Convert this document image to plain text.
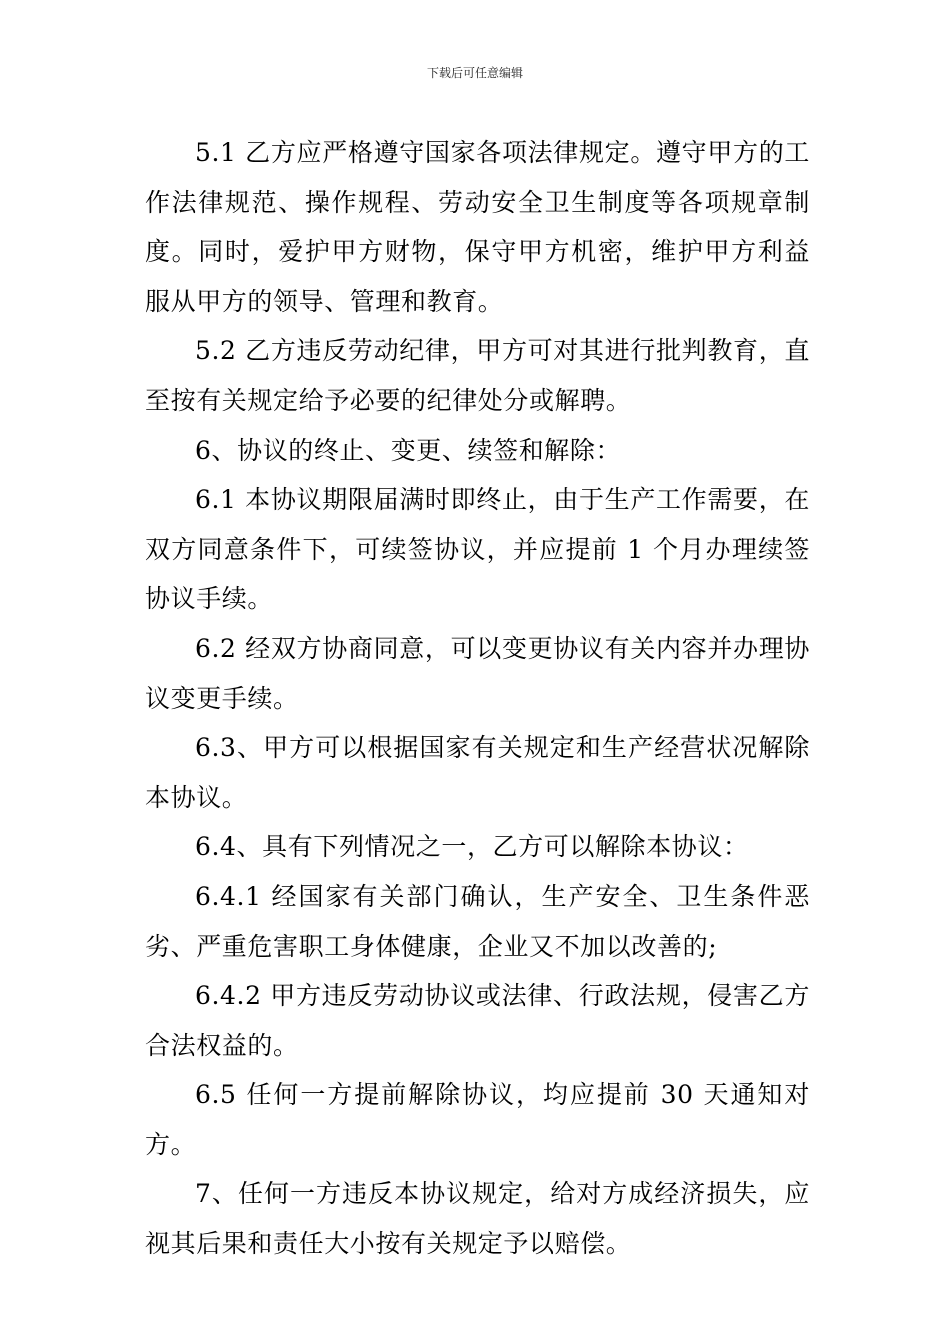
下载后可任意编辑

5.1 乙方应严格遵守国家各项法律规定。遵守甲方的工作法律规范、操作规程、劳动安全卫生制度等各项规章制度。同时，爱护甲方财物，保守甲方机密，维护甲方利益服从甲方的领导、管理和教育。

5.2 乙方违反劳动纪律，甲方可对其进行批判教育，直至按有关规定给予必要的纪律处分或解聘。

6、协议的终止、变更、续签和解除：

6.1 本协议期限届满时即终止，由于生产工作需要，在双方同意条件下，可续签协议，并应提前 1 个月办理续签协议手续。

6.2 经双方协商同意，可以变更协议有关内容并办理协议变更手续。

6.3、甲方可以根据国家有关规定和生产经营状况解除本协议。

6.4、具有下列情况之一，乙方可以解除本协议：

6.4.1 经国家有关部门确认，生产安全、卫生条件恶劣、严重危害职工身体健康，企业又不加以改善的;

6.4.2 甲方违反劳动协议或法律、行政法规，侵害乙方合法权益的。

6.5 任何一方提前解除协议，均应提前 30 天通知对方。

7、任何一方违反本协议规定，给对方成经济损失，应视其后果和责任大小按有关规定予以赔偿。
